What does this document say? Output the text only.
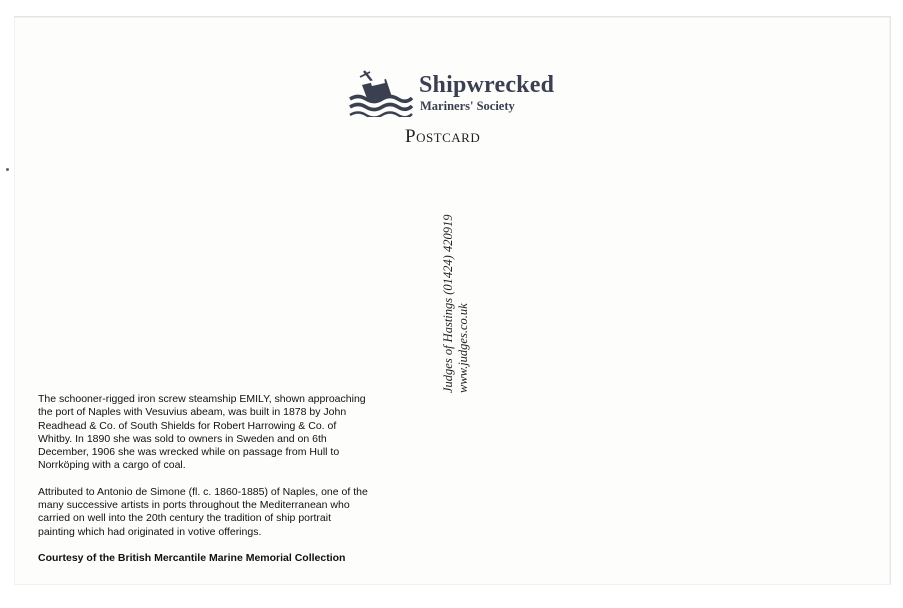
Shipwrecked
Mariners' Society
Postcard
Judges of Hastings (01424) 420919 www.judges.co.uk

The schooner-rigged iron screw steamship EMILY, shown approaching
the port of Naples with Vesuvius abeam, was built in 1878 by John
Readhead & Co. of South Shields for Robert Harrowing & Co. of
Whitby. In 1890 she was sold to owners in Sweden and on 6th
December, 1906 she was wrecked while on passage from Hull to
Norrköping with a cargo of coal.

Attributed to Antonio de Simone (fl. c. 1860-1885) of Naples, one of the
many successive artists in ports throughout the Mediterranean who
carried on well into the 20th century the tradition of ship portrait
painting which had originated in votive offerings.

Courtesy of the British Mercantile Marine Memorial Collection
